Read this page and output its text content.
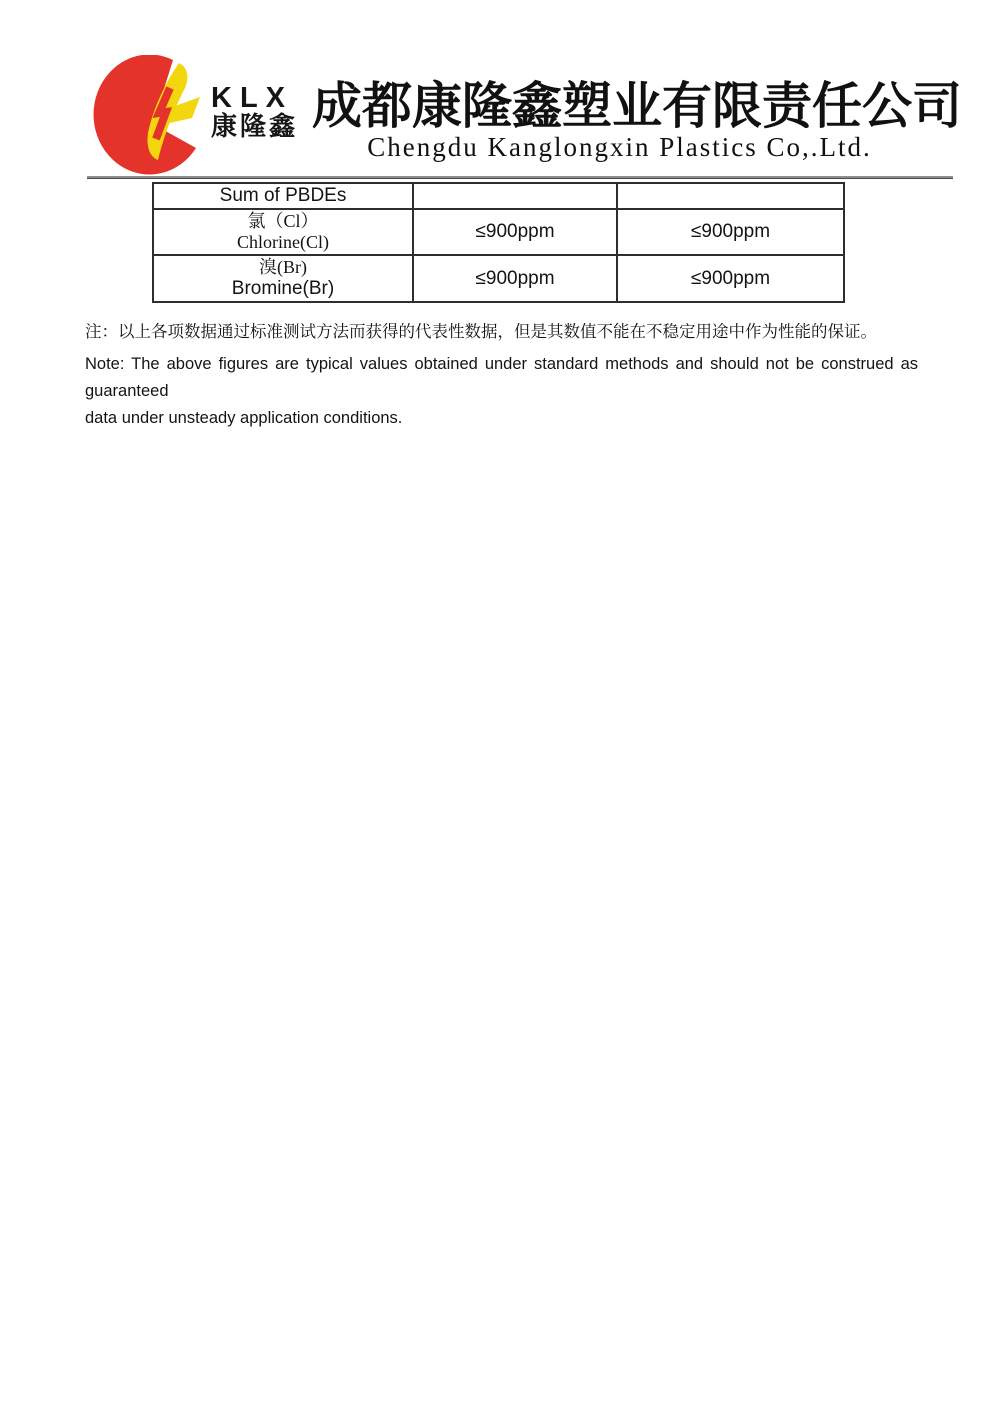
KLX
康隆鑫 成都康隆鑫塑业有限责任公司
Chengdu Kanglongxin Plastics Co,.Ltd.
Sum of PBDEs		

氯（Cl）
Chlorine(Cl)	≤900ppm	≤900ppm

溴(Br)
Bromine(Br)	≤900ppm	≤900ppm
注：以上各项数据通过标准测试方法而获得的代表性数据，但是其数值不能在不稳定用途中作为性能的保证。
Note: The above figures are typical values obtained under standard methods and should not be construed as guaranteed
data under unsteady application conditions.
